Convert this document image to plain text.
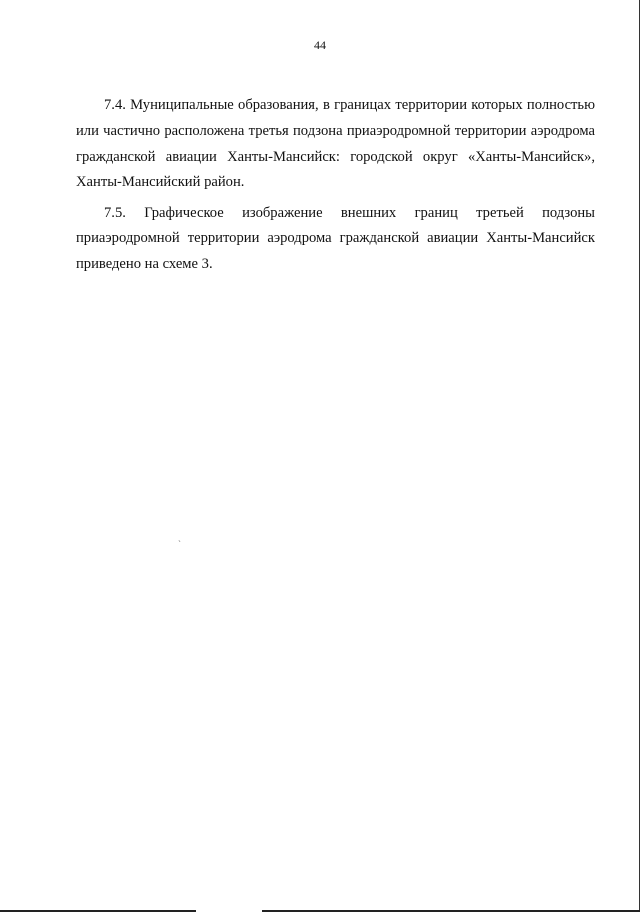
44
7.4. Муниципальные образования, в границах территории которых полностью
или частично расположена третья подзона приаэродромной территории аэродрома
гражданской авиации Ханты-Мансийск: городской округ «Ханты-Мансийск»,
Ханты-Мансийский район.
7.5. Графическое изображение внешних границ третьей подзоны
приаэродромной территории аэродрома гражданской авиации Ханты-Мансийск
приведено на схеме 3.
ˋ
